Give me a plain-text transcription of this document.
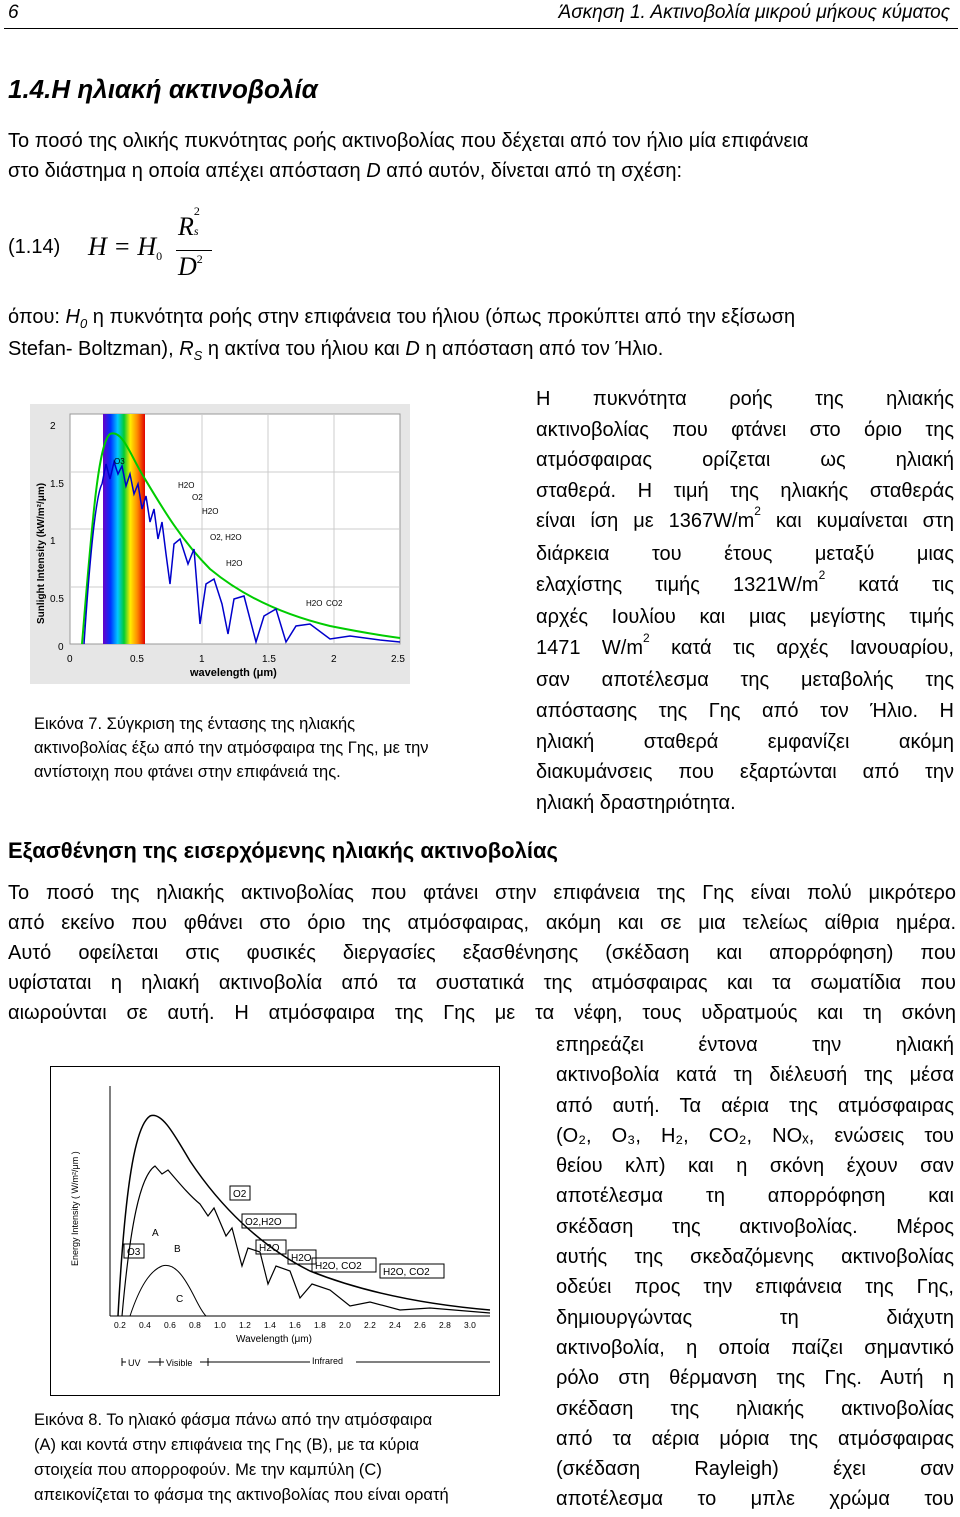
6	Άσκηση 1. Ακτινοβολία μικρού μήκους κύματος
1.4.Η ηλιακή ακτινοβολία
Το ποσό της ολικής πυκνότητας ροής ακτινοβολίας που δέχεται από τον ήλιο μία επιφάνεια
στο διάστημα η οποία απέχει απόσταση D από αυτόν, δίνεται από τη σχέση:
(1.14) H = H0
R
2
s
$D^2$
όπου: $H_0$ η πυκνότητα ροής στην επιφάνεια του ήλιου (όπως προκύπτει από την εξίσωση
Stefan- Boltzman), $R_S$ η ακτίνα του ήλιου και D η απόσταση από τον Ήλιο.
2
1.5
1
0.5
0
0	0.5	1	1.5	2	2.5
wavelength (μm)
Sunlight Intensity (kW/m²/μm)
O3
H2O
O2, H2O
H2O
H2O CO2
H2O
O2
Εικόνα 7. Σύγκριση της έντασης της ηλιακής
ακτινοβολίας έξω από την ατμόσφαιρα της Γης, με την
αντίστοιχη που φτάνει στην επιφάνειά της.
Η πυκνότητα ροής της ηλιακής
ακτινοβολίας που φτάνει στο όριο της
ατμόσφαιρας ορίζεται ως ηλιακή
σταθερά. Η τιμή της ηλιακής σταθεράς
είναι ίση με $1367W/m^2$ και κυμαίνεται στη
διάρκεια του έτους μεταξύ μιας
ελαχίστης τιμής $1321W/m^2$ κατά τις
αρχές Ιουλίου και μιας μεγίστης τιμής
1471 $W/m^2$ κατά τις αρχές Ιανουαρίου,
σαν αποτέλεσμα της μεταβολής της
απόστασης της Γης από τον Ήλιο. Η
ηλιακή σταθερά εμφανίζει ακόμη
διακυμάνσεις που εξαρτώνται από την
ηλιακή δραστηριότητα.
Εξασθένηση της εισερχόμενης ηλιακής ακτινοβολίας
Το ποσό της ηλιακής ακτινοβολίας που φτάνει στην επιφάνεια της Γης είναι πολύ μικρότερο
από εκείνο που φθάνει στο όριο της ατμόσφαιρας, ακόμη και σε μια τελείως αίθρια ημέρα.
Αυτό οφείλεται στις φυσικές διεργασίες εξασθένησης (σκέδαση και απορρόφηση) που
υφίσταται η ηλιακή ακτινοβολία από τα συστατικά της ατμόσφαιρας και τα σωματίδια που
αιωρούνται σε αυτή. Η ατμόσφαιρα της Γης με τα νέφη, τους υδρατμούς και τη σκόνη
επηρεάζει έντονα την ηλιακή
ακτινοβολία κατά τη διέλευσή της μέσα
από αυτή. Τα αέρια της ατμόσφαιρας
(O₂, O₃, H₂, CO₂, NOₓ, ενώσεις του
θείου κλπ) και η σκόνη έχουν σαν
αποτέλεσμα τη απορρόφηση και
σκέδαση της ακτινοβολίας. Μέρος
αυτής της σκεδαζόμενης ακτινοβολίας
οδεύει προς την επιφάνεια της Γης,
δημιουργώντας τη διάχυτη
ακτινοβολία, η οποία παίζει σημαντικό
ρόλο στη θέρμανση της Γης. Αυτή η
σκέδαση της ηλιακής ακτινοβολίας
από τα αέρια μόρια της ατμόσφαιρας
(σκέδαση Rayleigh) έχει σαν
αποτέλεσμα το μπλε χρώμα του
A
B
C
O3
O2
O2,H2O
H2O
H2O
H2O, CO2
H2O, CO2
0.2 0.4 0.6 0.8 1.0 1.2 1.4 1.6 1.8 2.0 2.2 2.4 2.6 2.8 3.0
Wavelength (μm)
Energy Intensity ( W/m²/μm )
UV	Visible	Infrared
Εικόνα 8. Το ηλιακό φάσμα πάνω από την ατμόσφαιρα
(Α) και κοντά στην επιφάνεια της Γης (Β), με τα κύρια
στοιχεία που απορροφούν. Με την καμπύλη (C)
απεικονίζεται το φάσμα της ακτινοβολίας που είναι ορατή
